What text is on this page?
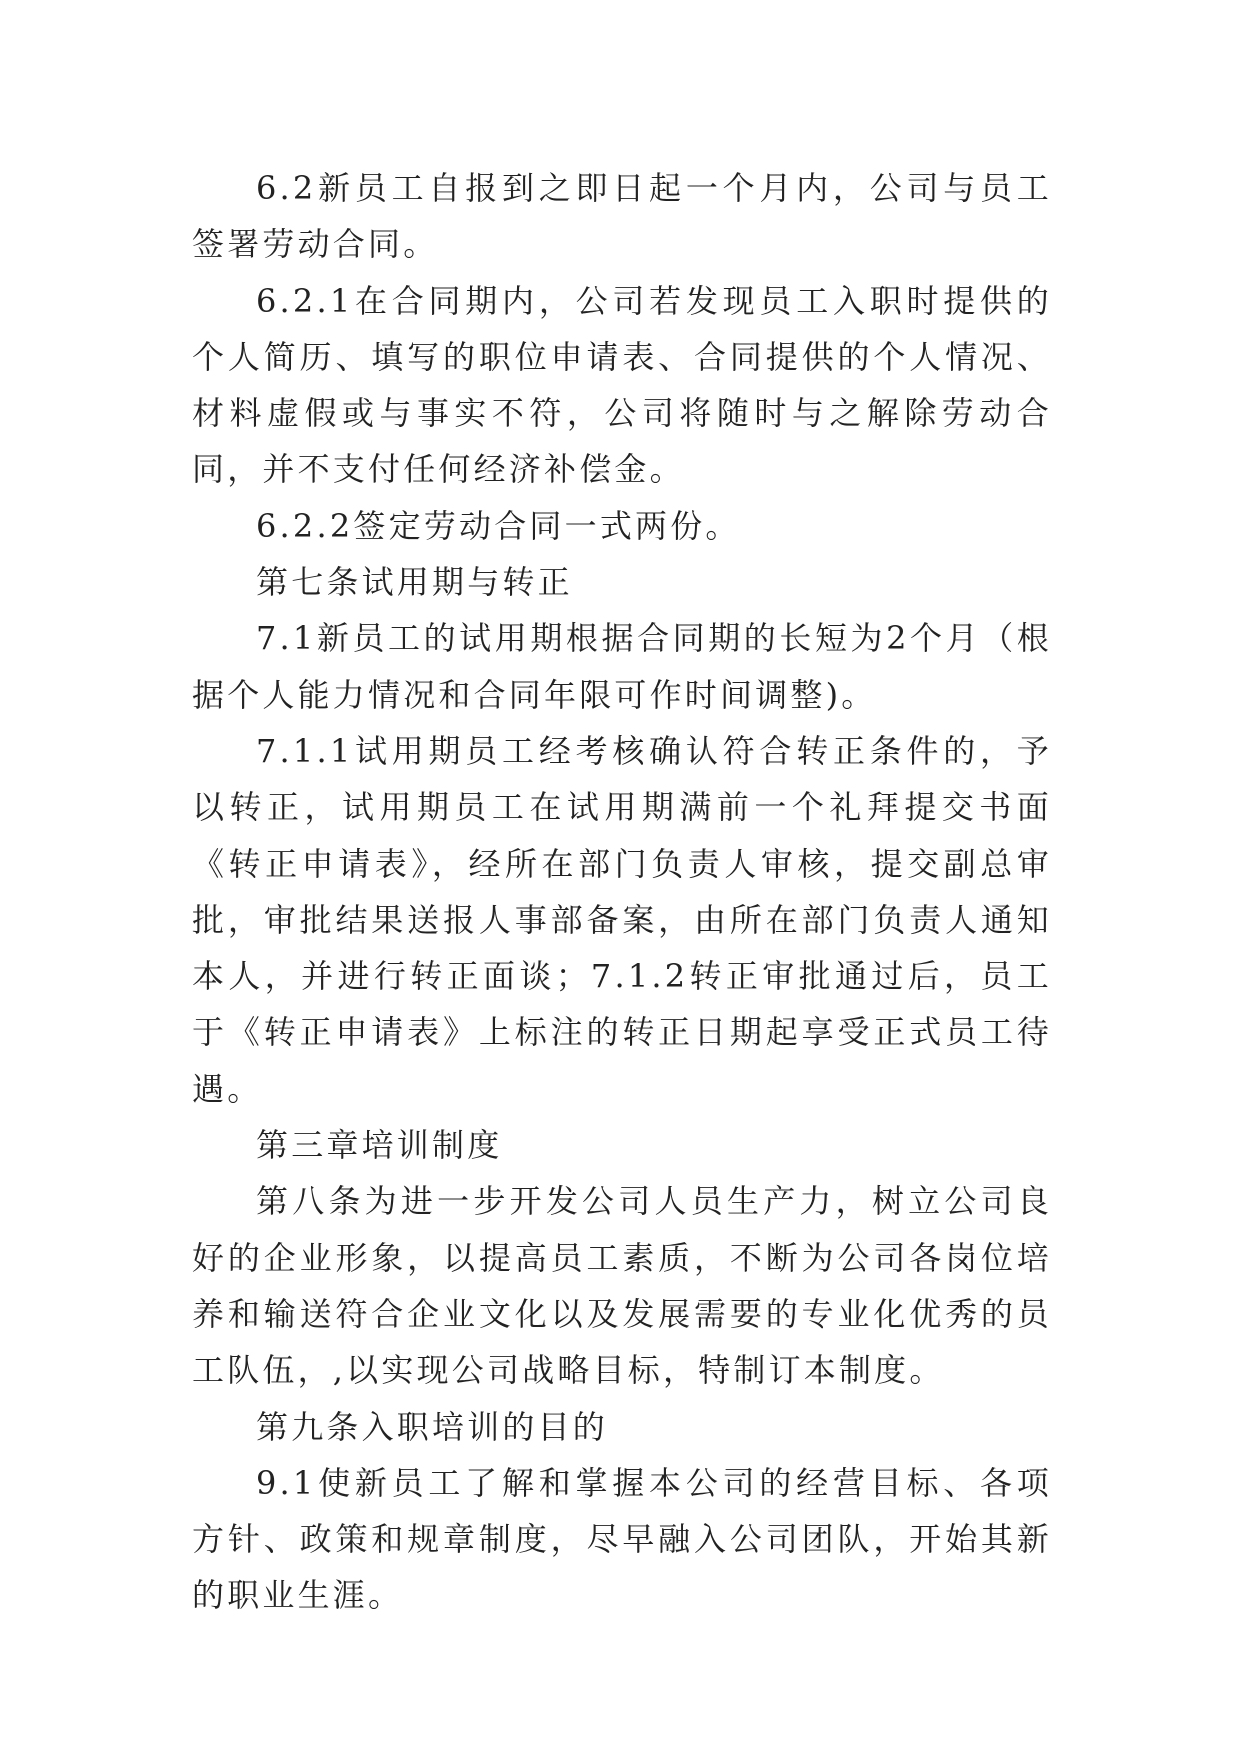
6.2新员工自报到之即日起一个月内，公司与员工签署劳动合同。

6.2.1在合同期内，公司若发现员工入职时提供的个人简历、填写的职位申请表、合同提供的个人情况、材料虚假或与事实不符，公司将随时与之解除劳动合同，并不支付任何经济补偿金。

6.2.2签定劳动合同一式两份。

第七条试用期与转正

7.1新员工的试用期根据合同期的长短为2个月（根据个人能力情况和合同年限可作时间调整)。

7.1.1试用期员工经考核确认符合转正条件的，予以转正，试用期员工在试用期满前一个礼拜提交书面《转正申请表》，经所在部门负责人审核，提交副总审批，审批结果送报人事部备案，由所在部门负责人通知本人，并进行转正面谈；7.1.2转正审批通过后，员工于《转正申请表》上标注的转正日期起享受正式员工待遇。

第三章培训制度

第八条为进一步开发公司人员生产力，树立公司良好的企业形象，以提高员工素质，不断为公司各岗位培养和输送符合企业文化以及发展需要的专业化优秀的员工队伍，,以实现公司战略目标，特制订本制度。

第九条入职培训的目的

9.1使新员工了解和掌握本公司的经营目标、各项方针、政策和规章制度，尽早融入公司团队，开始其新的职业生涯。
